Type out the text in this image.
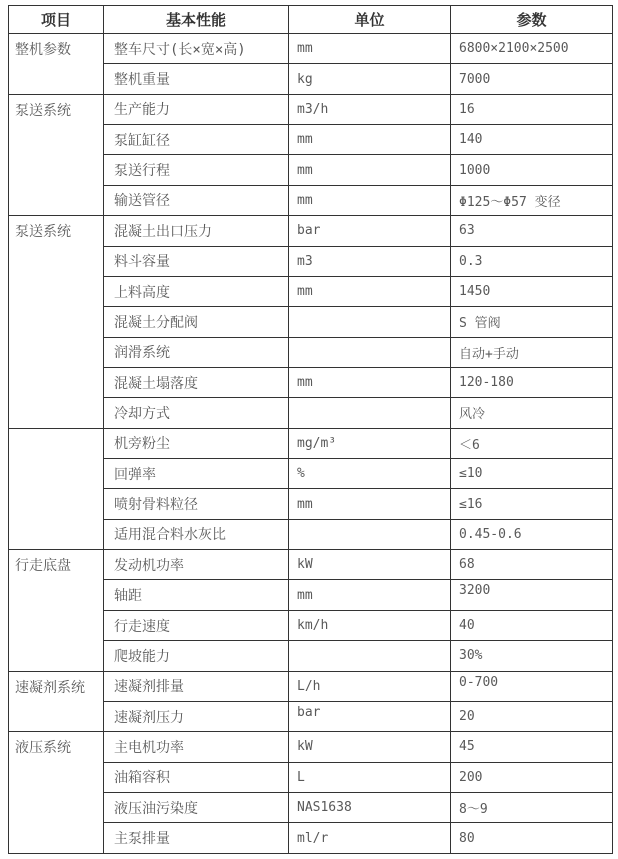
项目	基本性能	单位	参数

整机参数	整车尺寸(长×宽×高)	mm	6800×2100×2500
	整机重量	kg	7000

泵送系统	生产能力	m3/h	16
	泵缸缸径	mm	140
	泵送行程	mm	1000
	输送管径	mm	Φ125～Φ57 变径

泵送系统	混凝土出口压力	bar	63
	料斗容量	m3	0.3
	上料高度	mm	1450
	混凝土分配阀		S 管阀
	润滑系统		自动+手动
	混凝土塌落度	mm	120-180
	冷却方式		风冷

	机旁粉尘	mg/m³	＜6
	回弹率	%	≤10
	喷射骨料粒径	mm	≤16
	适用混合料水灰比		0.45-0.6

行走底盘	发动机功率	kW	68
	轴距	mm	3200
	行走速度	km/h	40
	爬坡能力		30%

速凝剂系统	速凝剂排量	L/h	0-700
	速凝剂压力	bar	20

液压系统	主电机功率	kW	45
	油箱容积	L	200
	液压油污染度	NAS1638	8～9
	主泵排量	ml/r	80
